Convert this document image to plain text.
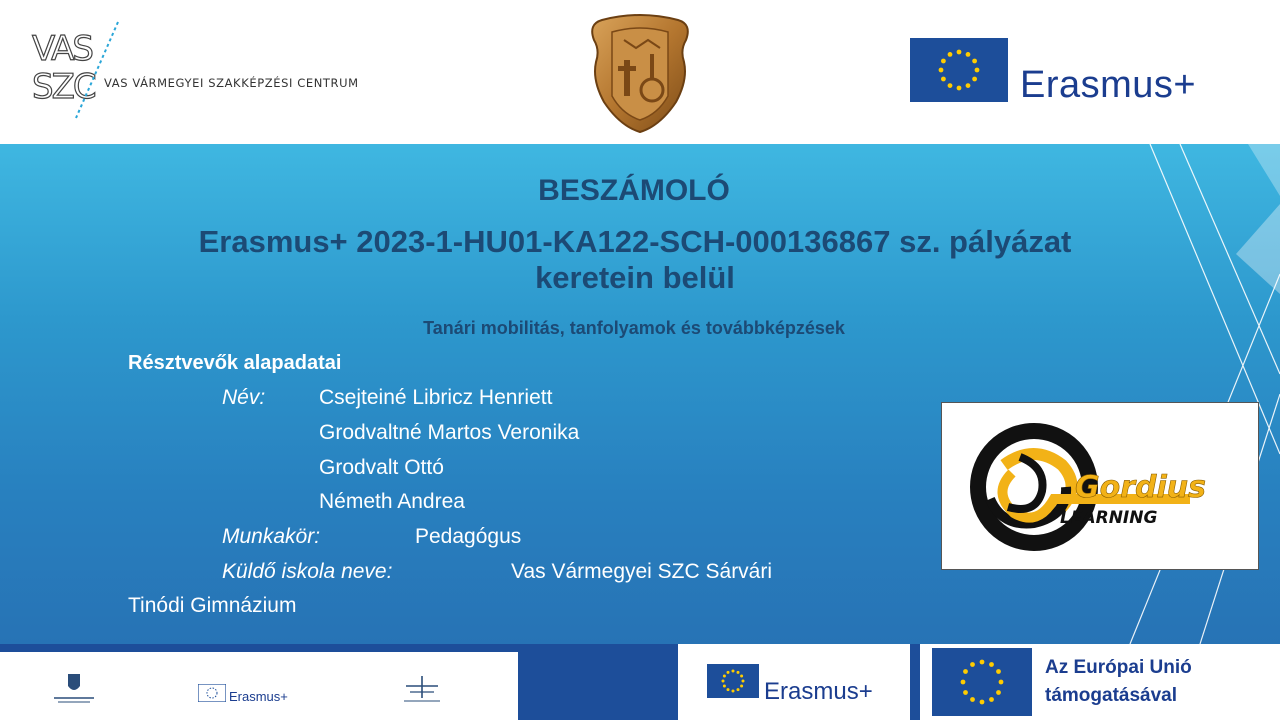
VAS
SZC VAS VÁRMEGYEI SZAKKÉPZÉSI CENTRUM	Erasmus+
BESZÁMOLÓ
Erasmus+ 2023-1-HU01-KA122-SCH-000136867 sz. pályázat
keretein belül
Tanári mobilitás, tanfolyamok és továbbképzések
Résztvevők alapadatai
Név:	Csejteiné Libricz Henriett
Grodvaltné Martos Veronika
Grodvalt Ottó
Németh Andrea
Munkakör:	Pedagógus
Küldő iskola neve:	Vas Vármegyei SZC Sárvári
Tinódi Gimnázium
Gordius
LEARNING
Erasmus+	Erasmus+
Az Európai Unió
támogatásával
